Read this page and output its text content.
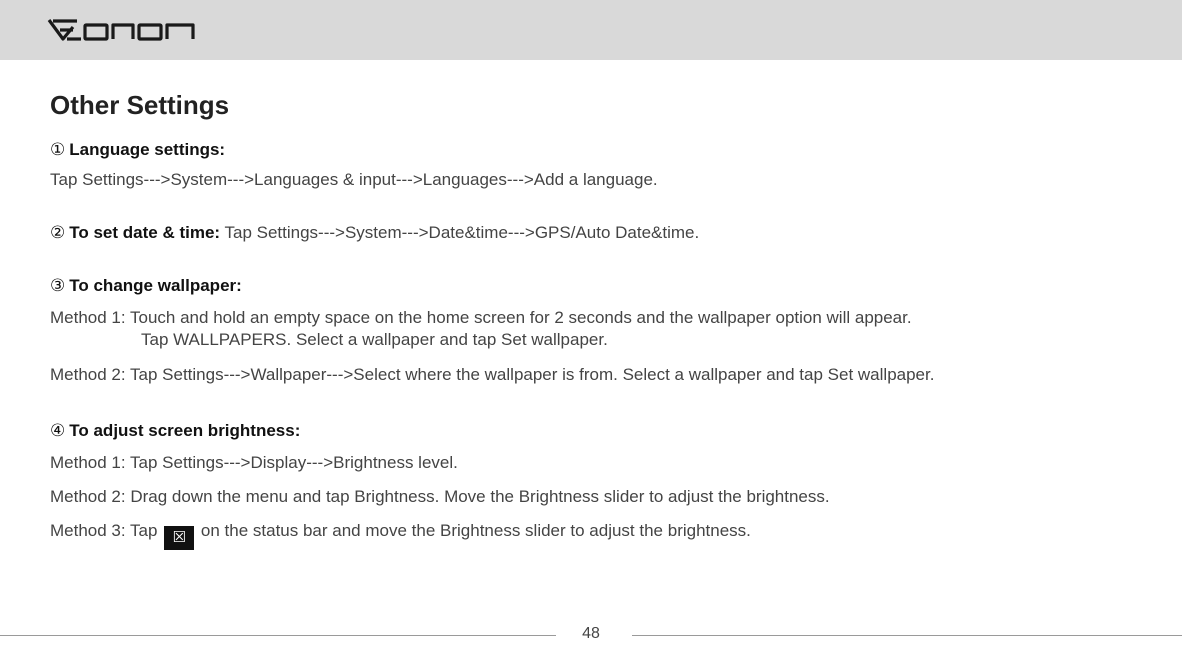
Other Settings
① Language settings:
Tap Settings--->System--->Languages & input--->Languages--->Add a language.
② To set date & time: Tap Settings--->System--->Date&time--->GPS/Auto Date&time.
③ To change wallpaper:
Method 1: Touch and hold an empty space on the home screen for 2 seconds and the wallpaper option will appear.
Tap WALLPAPERS. Select a wallpaper and tap Set wallpaper.
Method 2: Tap Settings--->Wallpaper--->Select where the wallpaper is from. Select a wallpaper and tap Set wallpaper.
④ To adjust screen brightness:
Method 1: Tap Settings--->Display--->Brightness level.
Method 2: Drag down the menu and tap Brightness. Move the Brightness slider to adjust the brightness.
Method 3: Tap ☒ on the status bar and move the Brightness slider to adjust the brightness.
48
